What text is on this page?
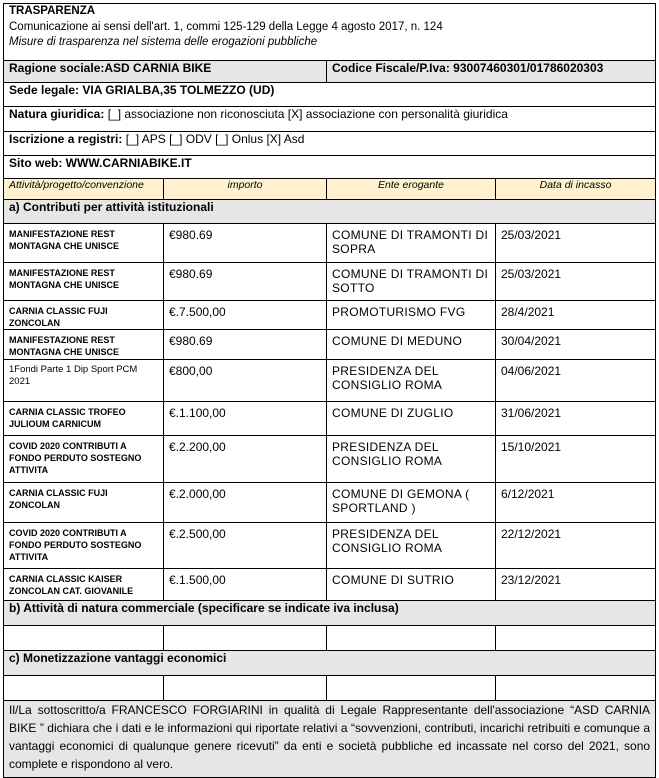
TRASPARENZA
Comunicazione ai sensi dell'art. 1, commi 125-129 della Legge 4 agosto 2017, n. 124
Misure di trasparenza nel sistema delle erogazioni pubbliche			

Ragione sociale:ASD CARNIA BIKE		Codice Fiscale/P.Iva: 93007460301/01786020303	
Sede legale: VIA GRIALBA,35 TOLMEZZO (UD)			
Natura giuridica: [_] associazione non riconosciuta [X] associazione con personalità giuridica			
Iscrizione a registri: [_] APS [_] ODV [_] Onlus [X] Asd			
Sito web: WWW.CARNIABIKE.IT			
Attività/progetto/convenzione	importo	Ente erogante	Data di incasso
a) Contributi per attività istituzionali			
MANIFESTAZIONE REST MONTAGNA CHE UNISCE	€980.69	COMUNE DI TRAMONTI DI SOPRA	25/03/2021
MANIFESTAZIONE REST MONTAGNA CHE UNISCE	€980.69	COMUNE DI TRAMONTI DI SOTTO	25/03/2021
CARNIA CLASSIC FUJI ZONCOLAN	€.7.500,00	PROMOTURISMO FVG	28/4/2021
MANIFESTAZIONE REST MONTAGNA CHE UNISCE	€980.69	COMUNE DI MEDUNO	30/04/2021
1Fondi Parte 1 Dip Sport PCM 2021	€800,00	PRESIDENZA DEL CONSIGLIO ROMA	04/06/2021
CARNIA CLASSIC TROFEO JULIOUM CARNICUM	€.1.100,00	COMUNE DI ZUGLIO	31/06/2021
COVID 2020 CONTRIBUTI A FONDO PERDUTO SOSTEGNO ATTIVITA	€.2.200,00	PRESIDENZA DEL CONSIGLIO ROMA	15/10/2021
CARNIA CLASSIC FUJI ZONCOLAN	€.2.000,00	COMUNE DI GEMONA ( SPORTLAND )	6/12/2021
COVID 2020 CONTRIBUTI A FONDO PERDUTO SOSTEGNO ATTIVITA	€.2.500,00	PRESIDENZA DEL CONSIGLIO ROMA	22/12/2021
CARNIA CLASSIC KAISER ZONCOLAN CAT. GIOVANILE	€.1.500,00	COMUNE DI SUTRIO	23/12/2021
b) Attività di natura commerciale (specificare se indicate iva inclusa)			

c) Monetizzazione vantaggi economici			

Il/La sottoscritto/a FRANCESCO FORGIARINI in qualità di Legale Rappresentante dell'associazione “ASD CARNIA BIKE ” dichiara che i dati e le informazioni qui riportate relativi a “sovvenzioni, contributi, incarichi retribuiti e comunque a vantaggi economici di qualunque genere ricevuti” da enti e società pubbliche ed incassate nel corso del 2021, sono complete e rispondono al vero.			
